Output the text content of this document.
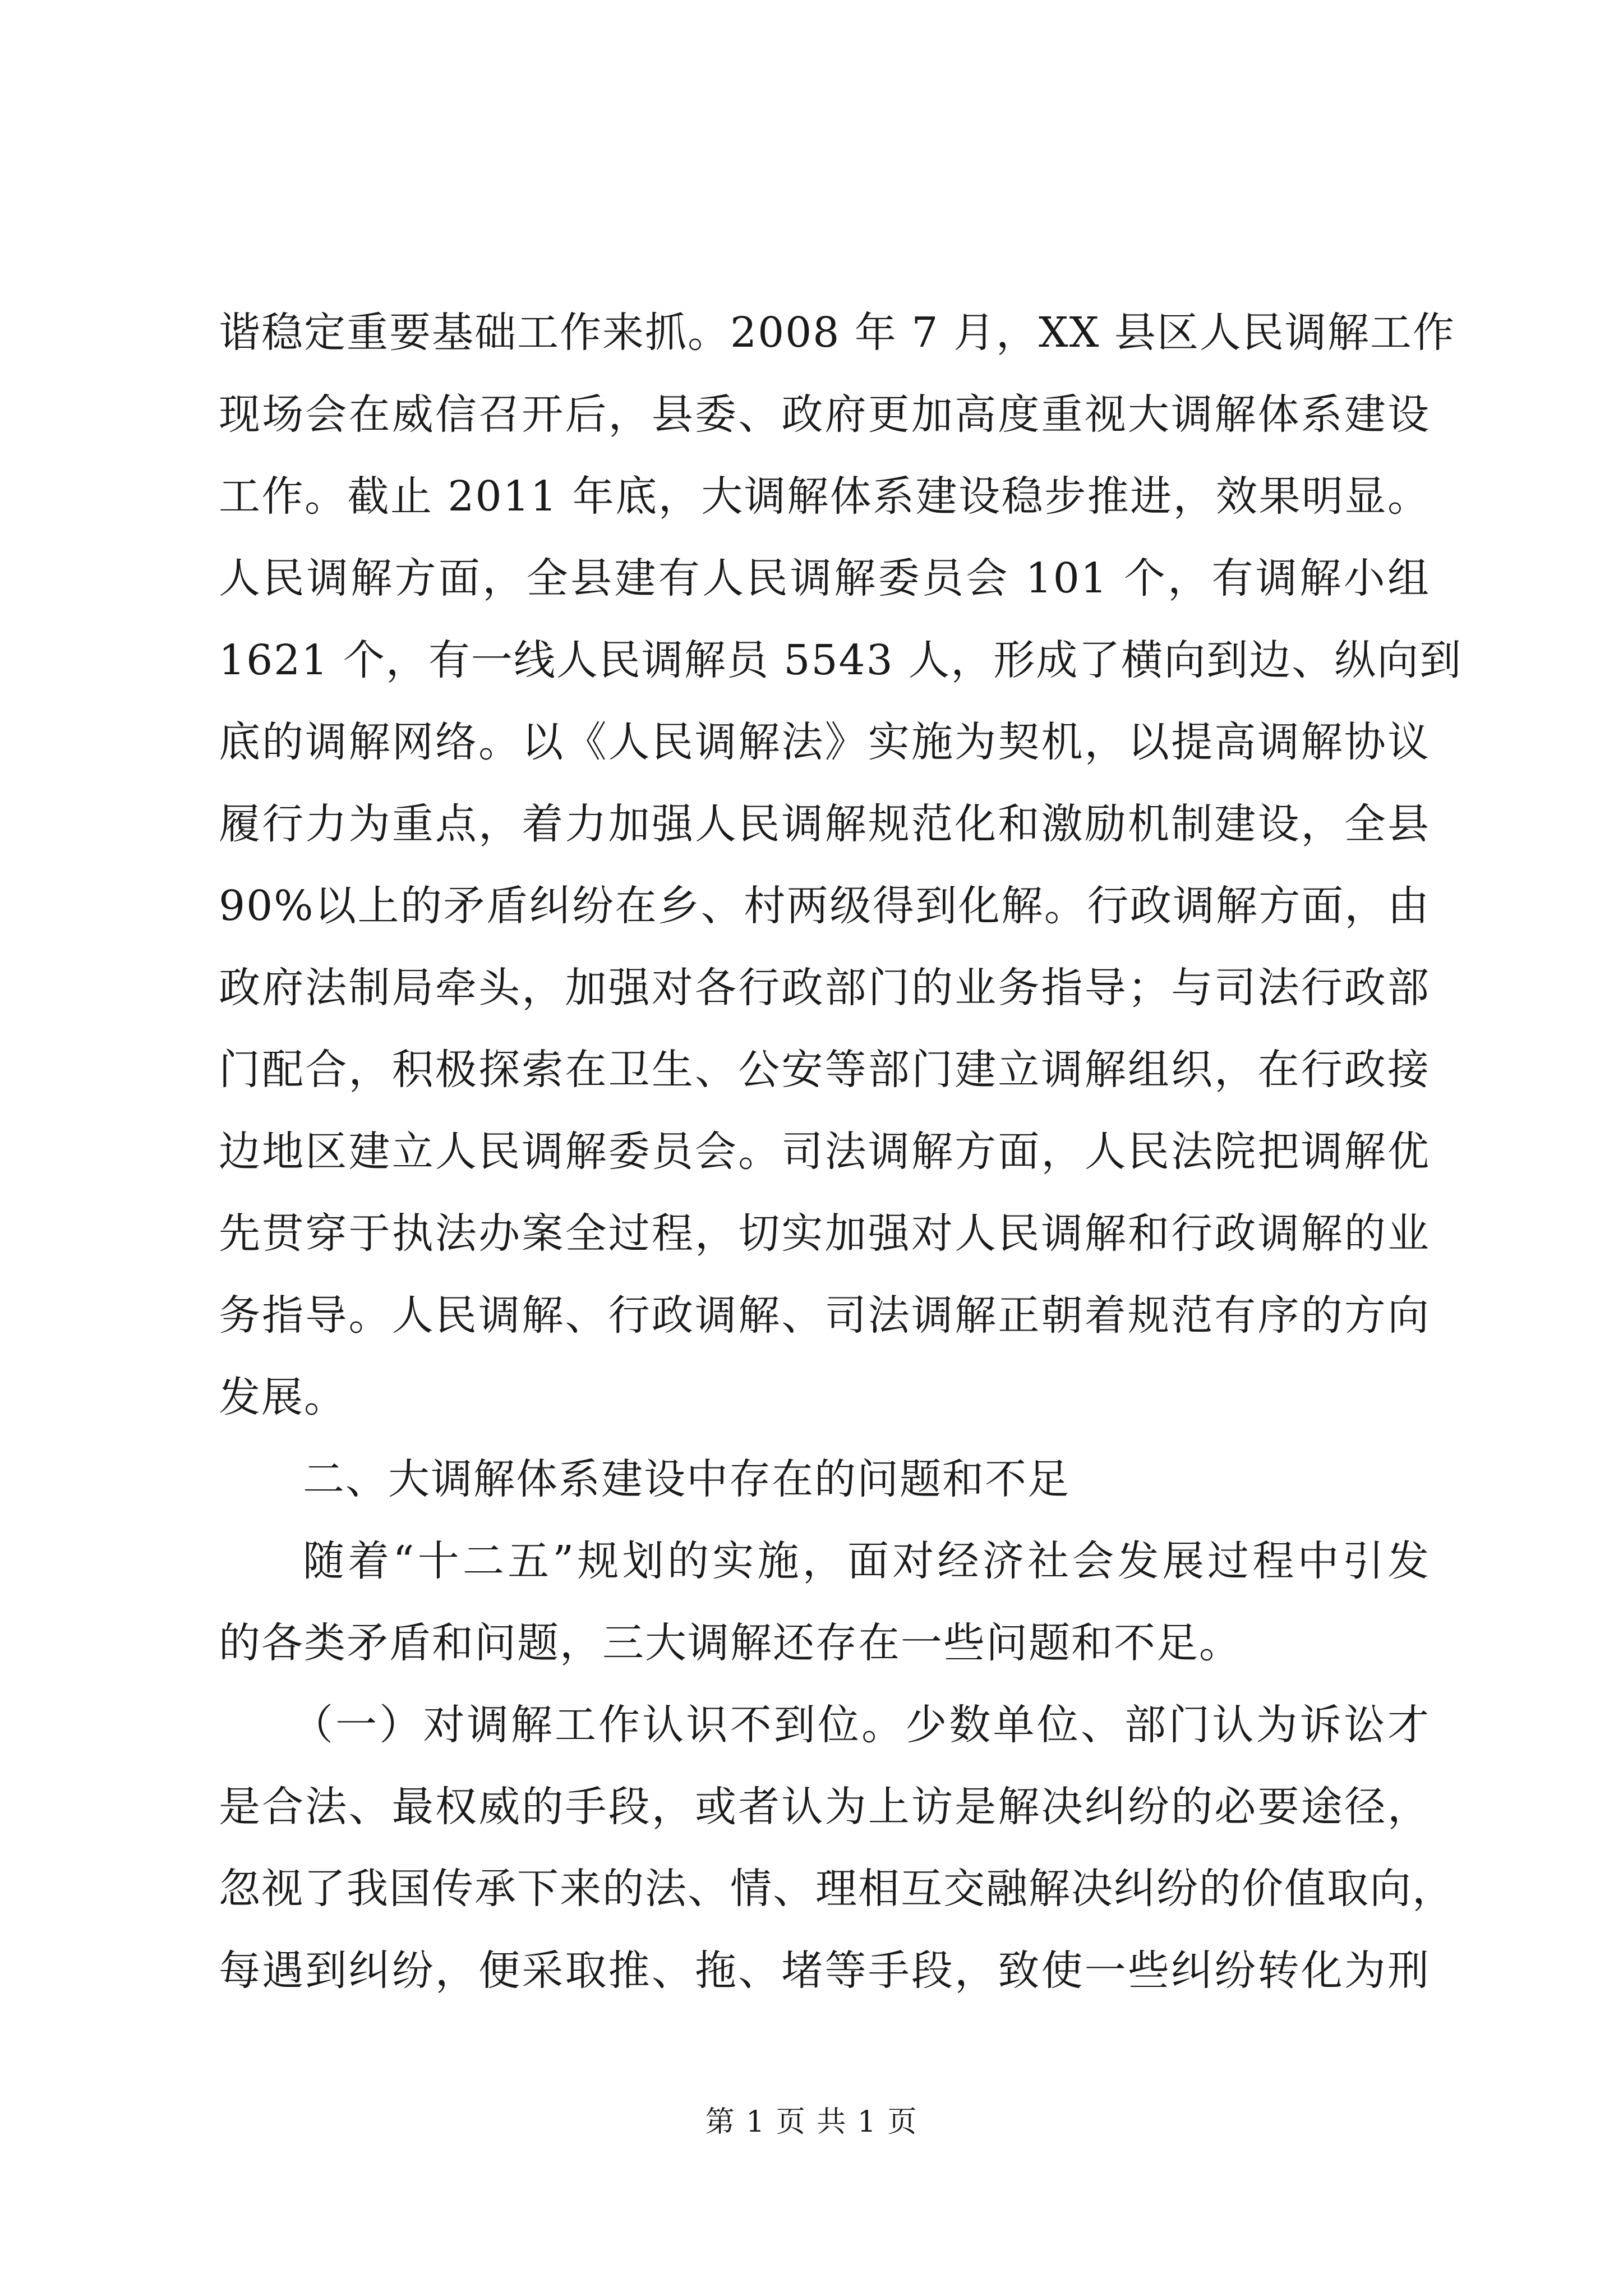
谐稳定重要基础工作来抓。2008 年 7 月，XX 县区人民调解工作
现场会在威信召开后，县委、政府更加高度重视大调解体系建设
工作。截止 2011 年底，大调解体系建设稳步推进，效果明显。
人民调解方面，全县建有人民调解委员会 101 个，有调解小组
1621 个，有一线人民调解员 5543 人，形成了横向到边、纵向到
底的调解网络。以《人民调解法》实施为契机，以提高调解协议
履行力为重点，着力加强人民调解规范化和激励机制建设，全县
90%以上的矛盾纠纷在乡、村两级得到化解。行政调解方面，由
政府法制局牵头，加强对各行政部门的业务指导；与司法行政部
门配合，积极探索在卫生、公安等部门建立调解组织，在行政接
边地区建立人民调解委员会。司法调解方面，人民法院把调解优
先贯穿于执法办案全过程，切实加强对人民调解和行政调解的业
务指导。人民调解、行政调解、司法调解正朝着规范有序的方向
发展。
二、大调解体系建设中存在的问题和不足
随着“十二五”规划的实施，面对经济社会发展过程中引发
的各类矛盾和问题，三大调解还存在一些问题和不足。
（一）对调解工作认识不到位。少数单位、部门认为诉讼才
是合法、最权威的手段，或者认为上访是解决纠纷的必要途径，
忽视了我国传承下来的法、情、理相互交融解决纠纷的价值取向，
每遇到纠纷，便采取推、拖、堵等手段，致使一些纠纷转化为刑
第 1 页 共 1 页
